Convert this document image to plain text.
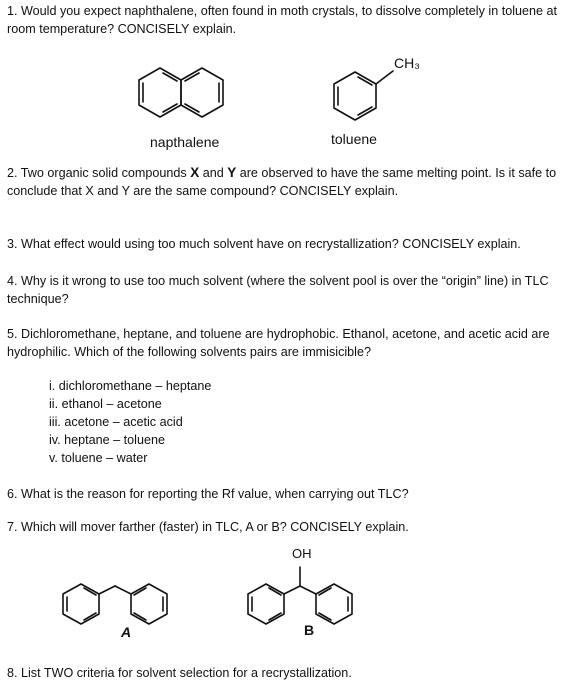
1. Would you expect naphthalene, often found in moth crystals, to dissolve completely in toluene at room temperature? CONCISELY explain.

2. Two organic solid compounds X and Y are observed to have the same melting point. Is it safe to conclude that X and Y are the same compound? CONCISELY explain.

3. What effect would using too much solvent have on recrystallization? CONCISELY explain.

4. Why is it wrong to use too much solvent (where the solvent pool is over the “origin” line) in TLC technique?

5. Dichloromethane, heptane, and toluene are hydrophobic. Ethanol, acetone, and acetic acid are hydrophilic. Which of the following solvents pairs are immisicible?

i. dichloromethane – heptane

ii. ethanol – acetone

iii. acetone – acetic acid

iv. heptane – toluene

v. toluene – water

6. What is the reason for reporting the Rf value, when carrying out TLC?

7. Which will mover farther (faster) in TLC, A or B? CONCISELY explain.

8. List TWO criteria for solvent selection for a recrystallization.

CH₃
napthalene	toluene
OH
A	B
